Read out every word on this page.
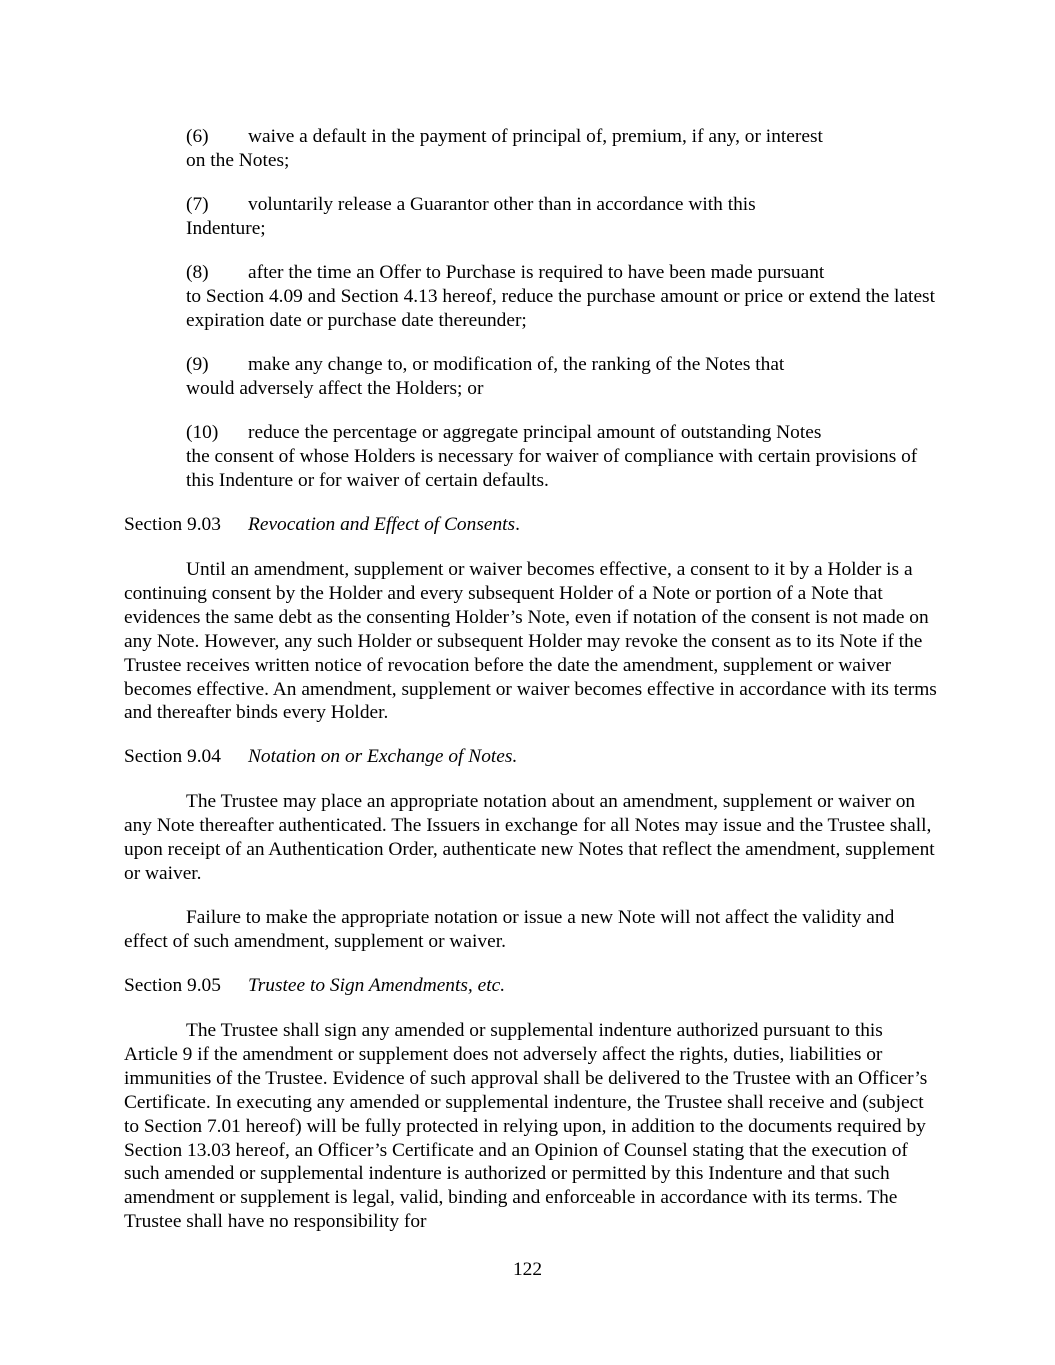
(6) waive a default in the payment of principal of, premium, if any, or interest
on the Notes;

(7) voluntarily release a Guarantor other than in accordance with this
Indenture;

(8) after the time an Offer to Purchase is required to have been made pursuant
to Section 4.09 and Section 4.13 hereof, reduce the purchase amount or price or extend the latest expiration date or purchase date thereunder;

(9) make any change to, or modification of, the ranking of the Notes that
would adversely affect the Holders; or

(10) reduce the percentage or aggregate principal amount of outstanding Notes
the consent of whose Holders is necessary for waiver of compliance with certain provisions of this Indenture or for waiver of certain defaults.

Section 9.03 Revocation and Effect of Consents.

Until an amendment, supplement or waiver becomes effective, a consent to it by a Holder is a continuing consent by the Holder and every subsequent Holder of a Note or portion of a Note that evidences the same debt as the consenting Holder’s Note, even if notation of the consent is not made on any Note. However, any such Holder or subsequent Holder may revoke the consent as to its Note if the Trustee receives written notice of revocation before the date the amendment, supplement or waiver becomes effective. An amendment, supplement or waiver becomes effective in accordance with its terms and thereafter binds every Holder.

Section 9.04 Notation on or Exchange of Notes.

The Trustee may place an appropriate notation about an amendment, supplement or waiver on any Note thereafter authenticated. The Issuers in exchange for all Notes may issue and the Trustee shall, upon receipt of an Authentication Order, authenticate new Notes that reflect the amendment, supplement or waiver.

Failure to make the appropriate notation or issue a new Note will not affect the validity and effect of such amendment, supplement or waiver.

Section 9.05 Trustee to Sign Amendments, etc.

The Trustee shall sign any amended or supplemental indenture authorized pursuant to this Article 9 if the amendment or supplement does not adversely affect the rights, duties, liabilities or immunities of the Trustee. Evidence of such approval shall be delivered to the Trustee with an Officer’s Certificate. In executing any amended or supplemental indenture, the Trustee shall receive and (subject to Section 7.01 hereof) will be fully protected in relying upon, in addition to the documents required by Section 13.03 hereof, an Officer’s Certificate and an Opinion of Counsel stating that the execution of such amended or supplemental indenture is authorized or permitted by this Indenture and that such amendment or supplement is legal, valid, binding and enforceable in accordance with its terms. The Trustee shall have no responsibility for

122
